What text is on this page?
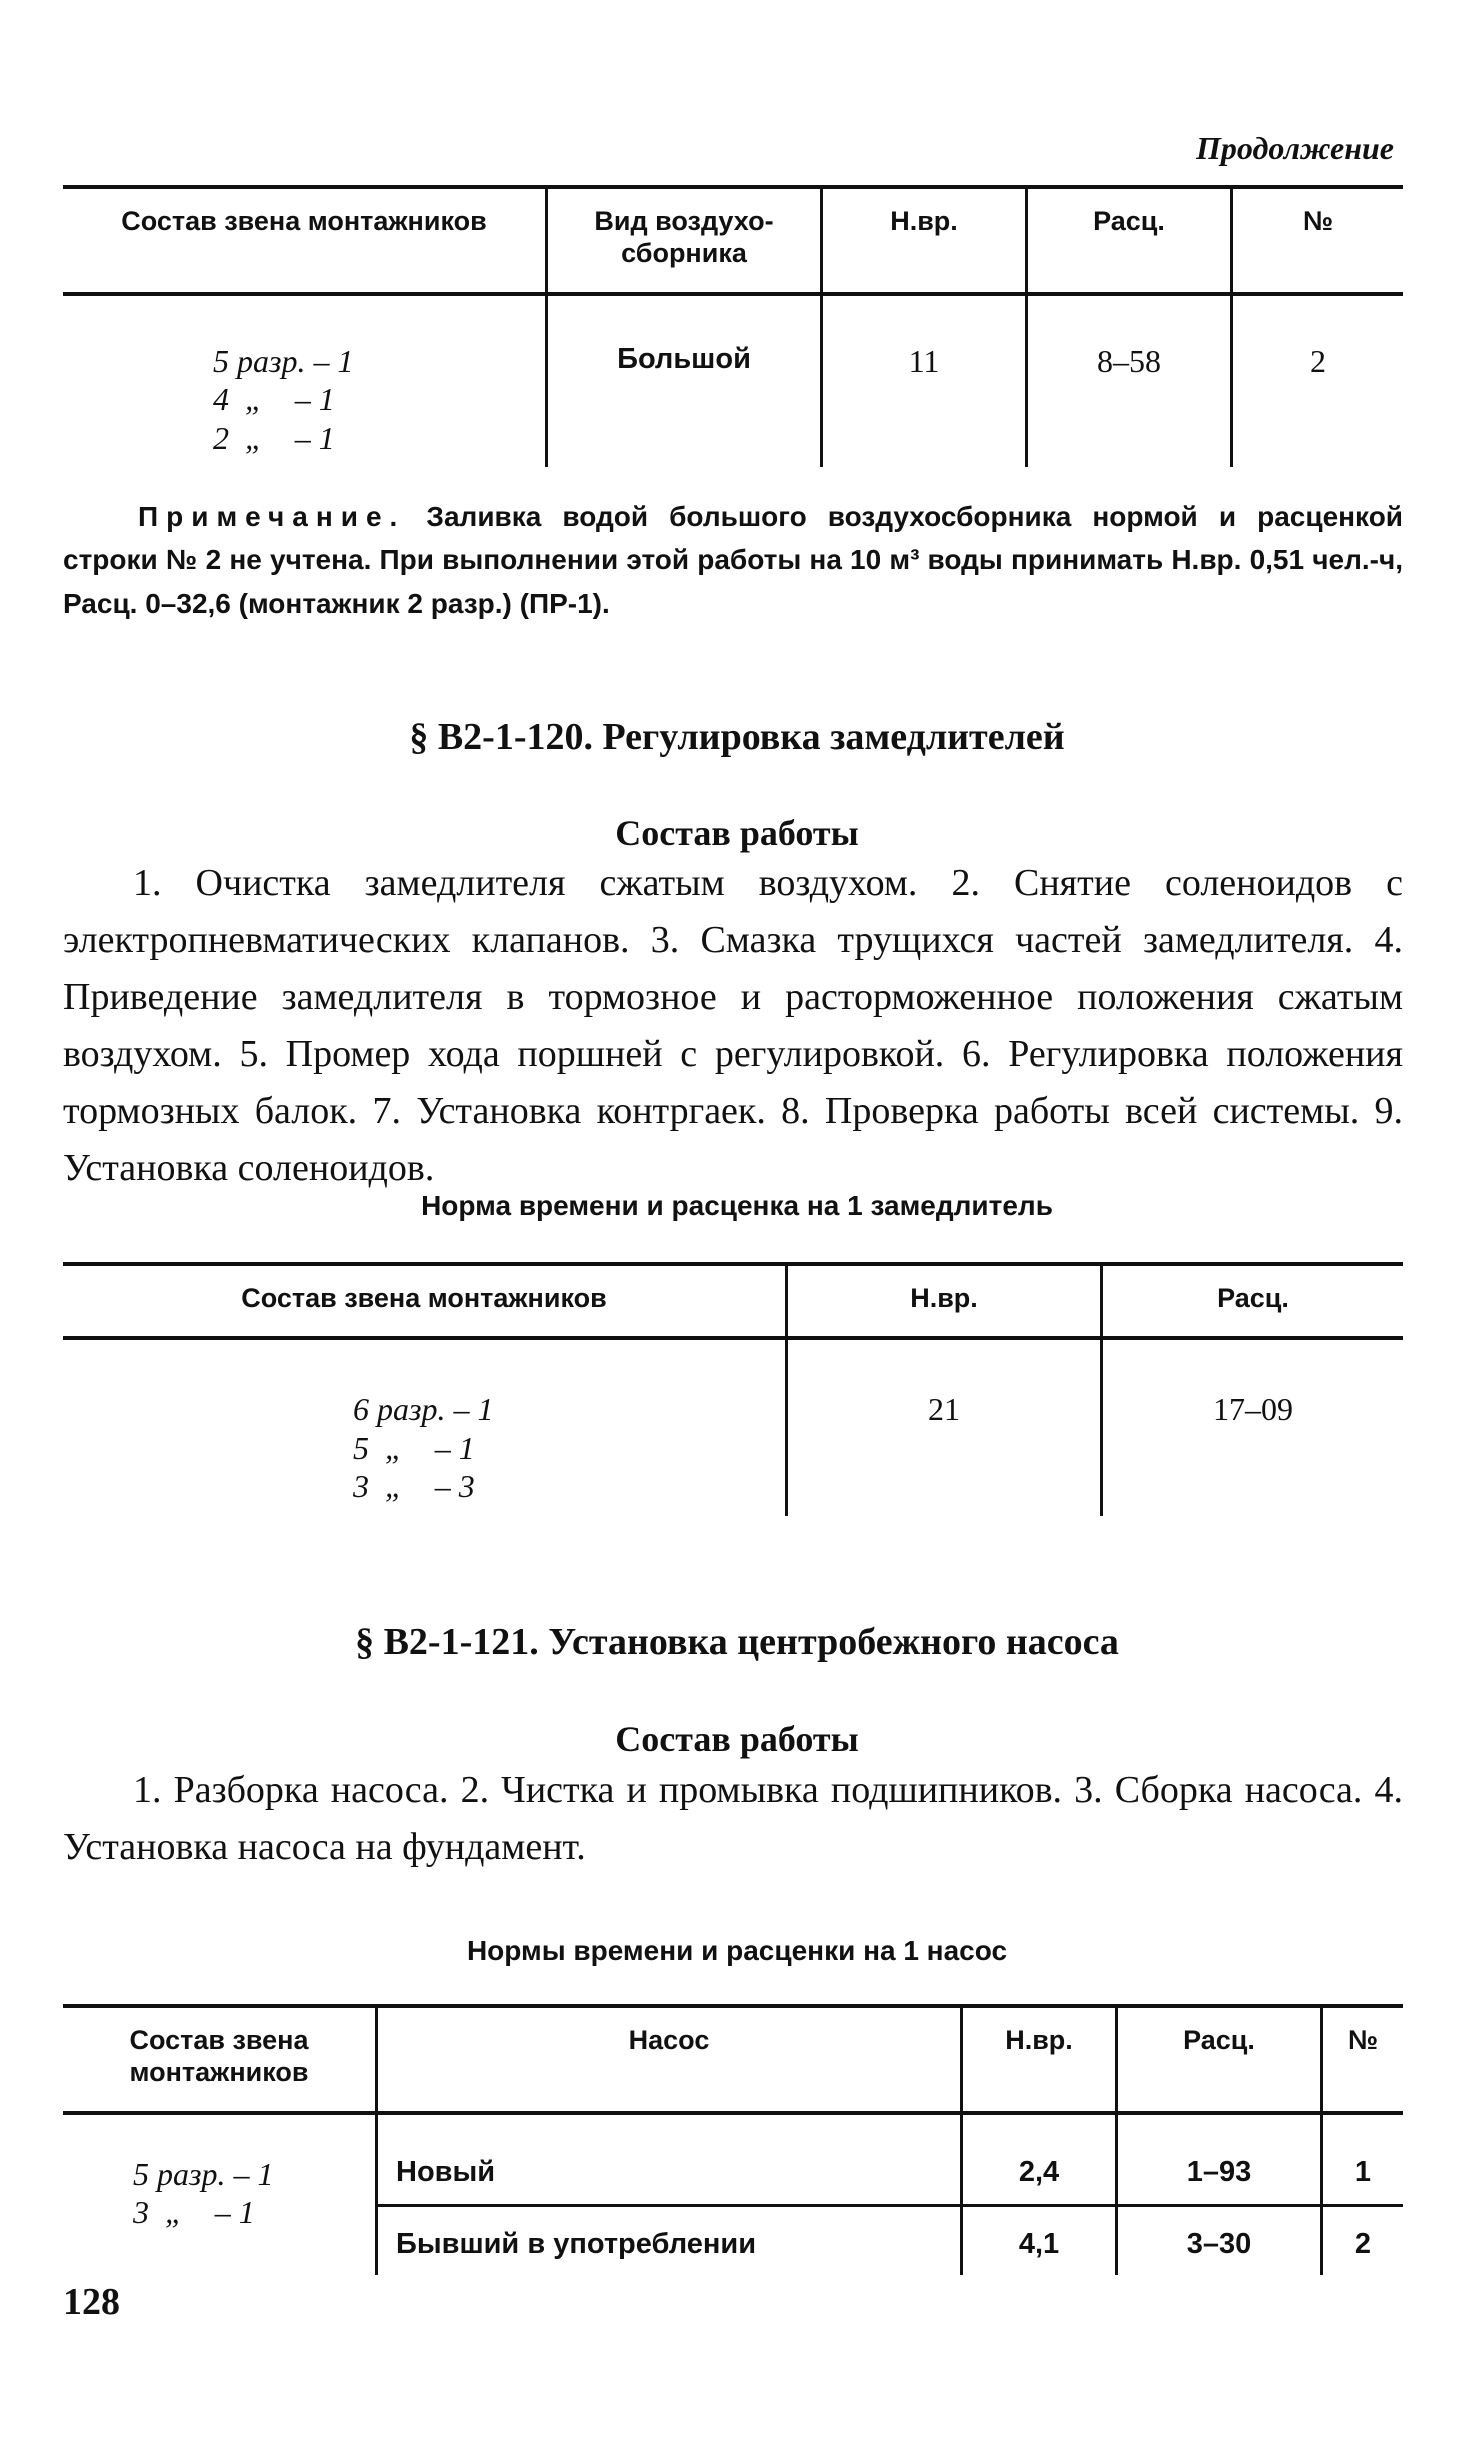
Продолжение
Состав звена монтажников	Вид воздухо-сборника	Н.вр.	Расц.	№

5 разр. – 1
4  „    – 1
2  „    – 1	Большой	11	8–58	2
Примечание. Заливка водой большого воздухосборника нормой и расценкой строки № 2 не учтена. При выполнении этой работы на 10 м³ воды принимать Н.вр. 0,51 чел.-ч, Расц. 0–32,6 (монтажник 2 разр.) (ПР-1).
§ В2-1-120. Регулировка замедлителей
Состав работы
1. Очистка замедлителя сжатым воздухом. 2. Снятие соленоидов с электропневматических клапанов. 3. Смазка трущихся частей замедлителя. 4. Приведение замедлителя в тормозное и расторможенное положения сжатым воздухом. 5. Промер хода поршней с регулировкой. 6. Регулировка положения тормозных балок. 7. Установка контргаек. 8. Проверка работы всей системы. 9. Установка соленоидов.
Норма времени и расценка на 1 замедлитель
Состав звена монтажников	Н.вр.	Расц.

6 разр. – 1
5  „    – 1
3  „    – 3	21	17–09
§ В2-1-121. Установка центробежного насоса
Состав работы
1. Разборка насоса. 2. Чистка и промывка подшипников. 3. Сборка насоса. 4. Установка насоса на фундамент.
Нормы времени и расценки на 1 насос
Состав звена монтажников	Насос	Н.вр.	Расц.	№

5 разр. – 1
3  „    – 1	Новый	2,4	1–93	1
	Бывший в употреблении	4,1	3–30	2
128
